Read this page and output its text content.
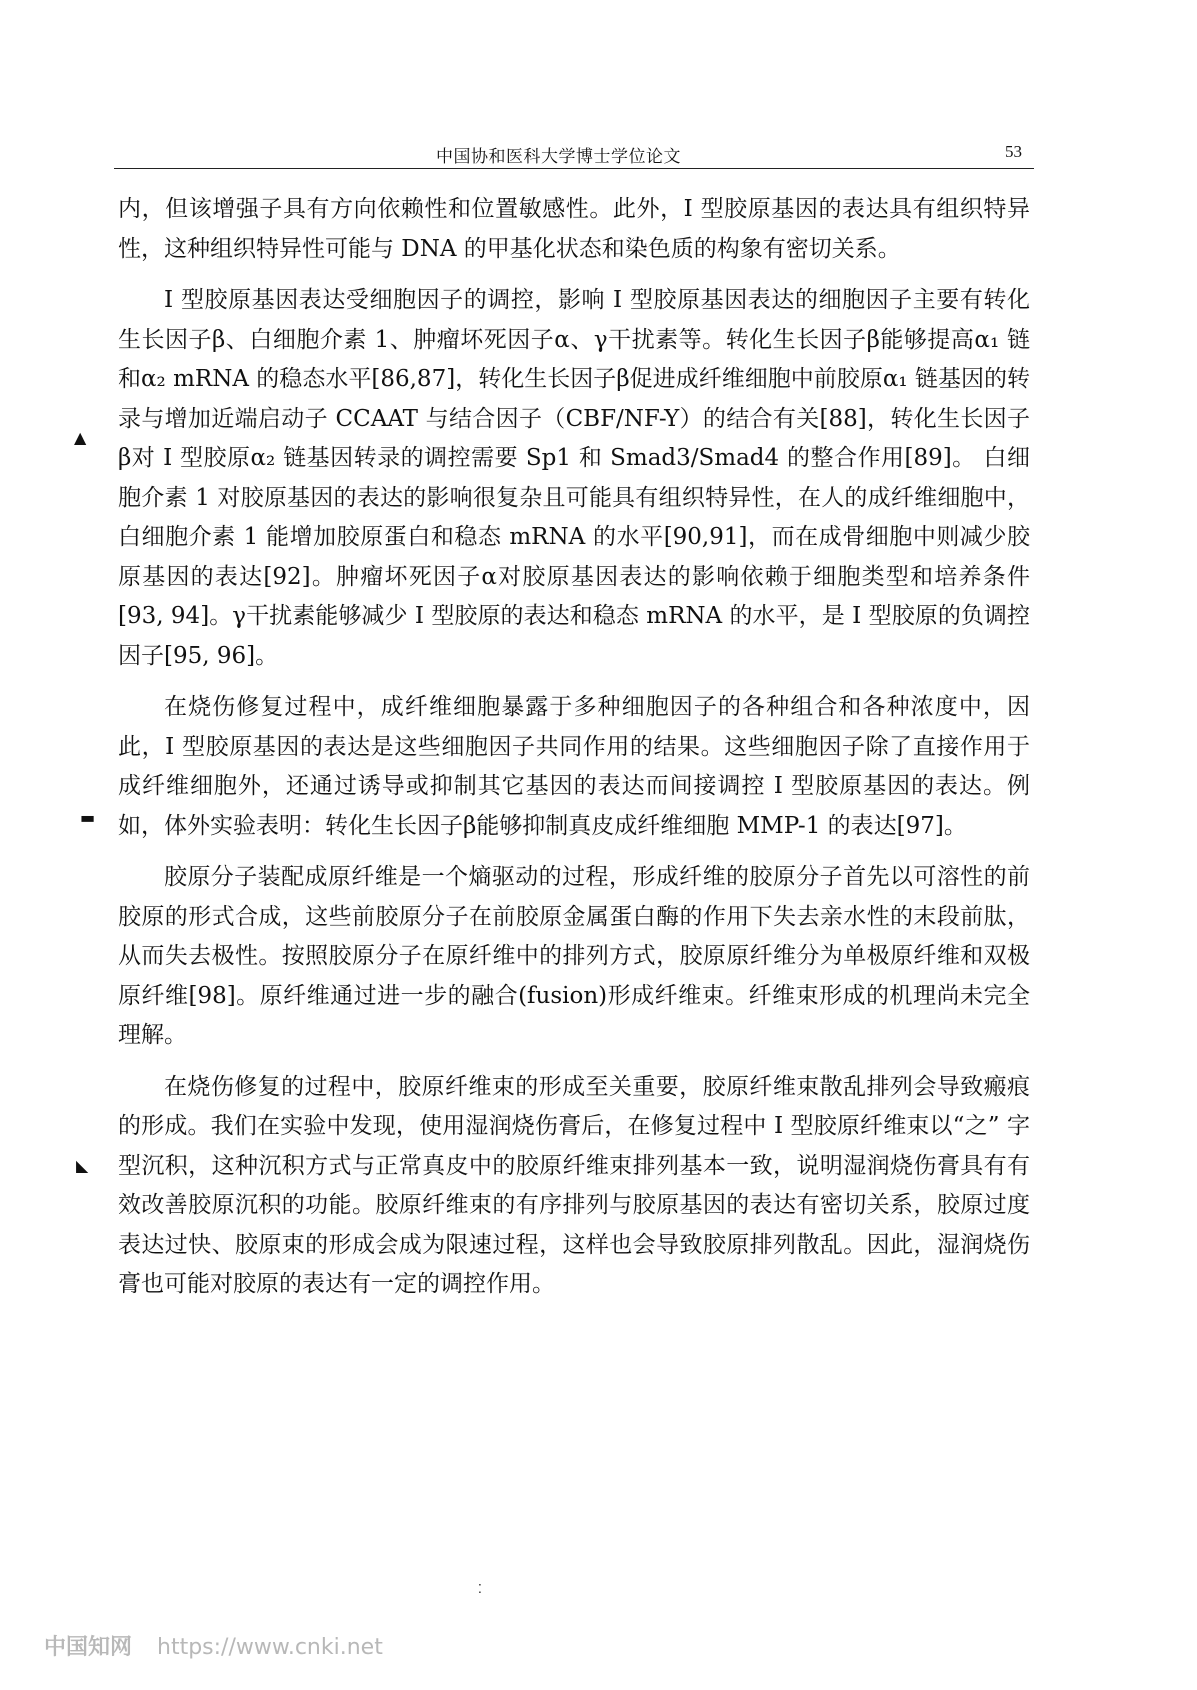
中国协和医科大学博士学位论文	53

内，但该增强子具有方向依赖性和位置敏感性。此外，I 型胶原基因的表达具有组织特异性，这种组织特异性可能与 DNA 的甲基化状态和染色质的构象有密切关系。

I 型胶原基因表达受细胞因子的调控，影响 I 型胶原基因表达的细胞因子主要有转化生长因子β、白细胞介素 1、肿瘤坏死因子α、γ干扰素等。转化生长因子β能够提高α₁ 链和α₂ mRNA 的稳态水平[86,87]，转化生长因子β促进成纤维细胞中前胶原α₁ 链基因的转录与增加近端启动子 CCAAT 与结合因子（CBF/NF-Y）的结合有关[88]，转化生长因子β对 I 型胶原α₂ 链基因转录的调控需要 Sp1 和 Smad3/Smad4 的整合作用[89]。 白细胞介素 1 对胶原基因的表达的影响很复杂且可能具有组织特异性，在人的成纤维细胞中，白细胞介素 1 能增加胶原蛋白和稳态 mRNA 的水平[90,91]，而在成骨细胞中则减少胶原基因的表达[92]。肿瘤坏死因子α对胶原基因表达的影响依赖于细胞类型和培养条件[93, 94]。γ干扰素能够减少 I 型胶原的表达和稳态 mRNA 的水平，是 I 型胶原的负调控因子[95, 96]。

在烧伤修复过程中，成纤维细胞暴露于多种细胞因子的各种组合和各种浓度中，因此，I 型胶原基因的表达是这些细胞因子共同作用的结果。这些细胞因子除了直接作用于成纤维细胞外，还通过诱导或抑制其它基因的表达而间接调控 I 型胶原基因的表达。例如，体外实验表明：转化生长因子β能够抑制真皮成纤维细胞 MMP-1 的表达[97]。

胶原分子装配成原纤维是一个熵驱动的过程，形成纤维的胶原分子首先以可溶性的前胶原的形式合成，这些前胶原分子在前胶原金属蛋白酶的作用下失去亲水性的末段前肽，从而失去极性。按照胶原分子在原纤维中的排列方式，胶原原纤维分为单极原纤维和双极原纤维[98]。原纤维通过进一步的融合(fusion)形成纤维束。纤维束形成的机理尚未完全理解。

在烧伤修复的过程中，胶原纤维束的形成至关重要，胶原纤维束散乱排列会导致瘢痕的形成。我们在实验中发现，使用湿润烧伤膏后，在修复过程中 I 型胶原纤维束以“之” 字型沉积，这种沉积方式与正常真皮中的胶原纤维束排列基本一致，说明湿润烧伤膏具有有效改善胶原沉积的功能。胶原纤维束的有序排列与胶原基因的表达有密切关系，胶原过度表达过快、胶原束的形成会成为限速过程，这样也会导致胶原排列散乱。因此，湿润烧伤膏也可能对胶原的表达有一定的调控作用。

▲
▬
◣
⁚
中国知网 https://www.cnki.net
